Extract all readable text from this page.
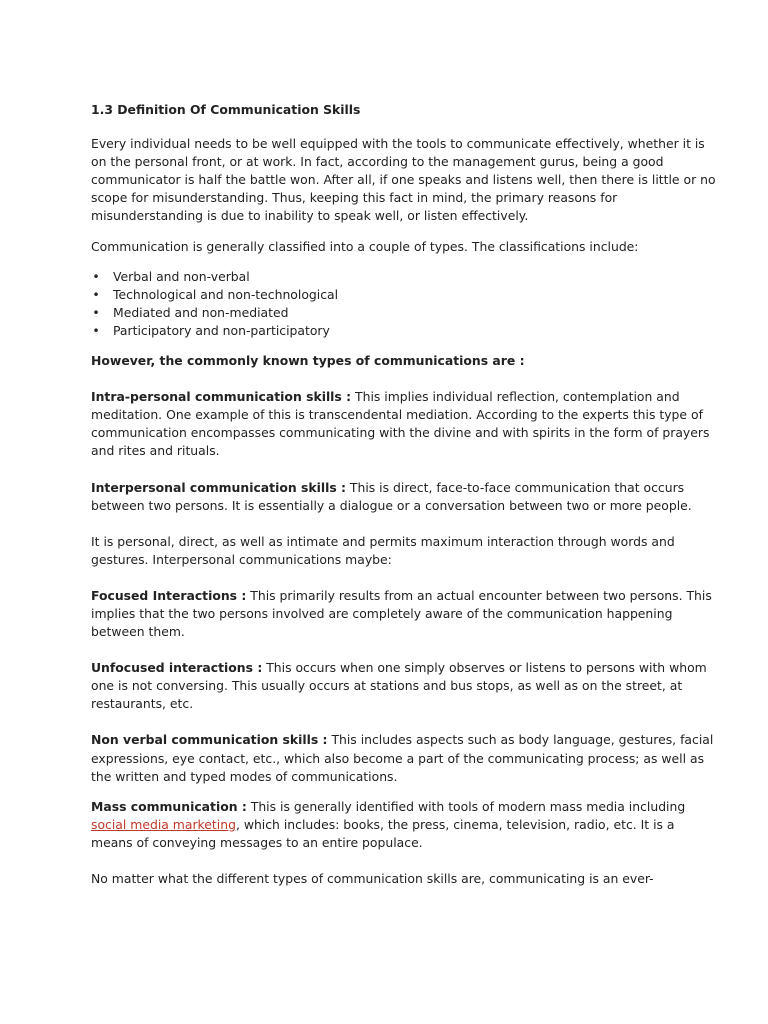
1.3 Definition Of Communication Skills

Every individual needs to be well equipped with the tools to communicate effectively, whether it is on the personal front, or at work. In fact, according to the management gurus, being a good communicator is half the battle won. After all, if one speaks and listens well, then there is little or no scope for misunderstanding. Thus, keeping this fact in mind, the primary reasons for misunderstanding is due to inability to speak well, or listen effectively.

Communication is generally classified into a couple of types. The classifications include:

• Verbal and non-verbal
• Technological and non-technological
• Mediated and non-mediated
• Participatory and non-participatory

However, the commonly known types of communications are :

Intra-personal communication skills : This implies individual reflection, contemplation and meditation. One example of this is transcendental mediation. According to the experts this type of communication encompasses communicating with the divine and with spirits in the form of prayers and rites and rituals.

Interpersonal communication skills : This is direct, face-to-face communication that occurs between two persons. It is essentially a dialogue or a conversation between two or more people.

It is personal, direct, as well as intimate and permits maximum interaction through words and gestures. Interpersonal communications maybe:

Focused Interactions : This primarily results from an actual encounter between two persons. This implies that the two persons involved are completely aware of the communication happening between them.

Unfocused interactions : This occurs when one simply observes or listens to persons with whom one is not conversing. This usually occurs at stations and bus stops, as well as on the street, at restaurants, etc.

Non verbal communication skills : This includes aspects such as body language, gestures, facial expressions, eye contact, etc., which also become a part of the communicating process; as well as the written and typed modes of communications.

Mass communication : This is generally identified with tools of modern mass media including social media marketing, which includes: books, the press, cinema, television, radio, etc. It is a means of conveying messages to an entire populace.

No matter what the different types of communication skills are, communicating is an ever-
